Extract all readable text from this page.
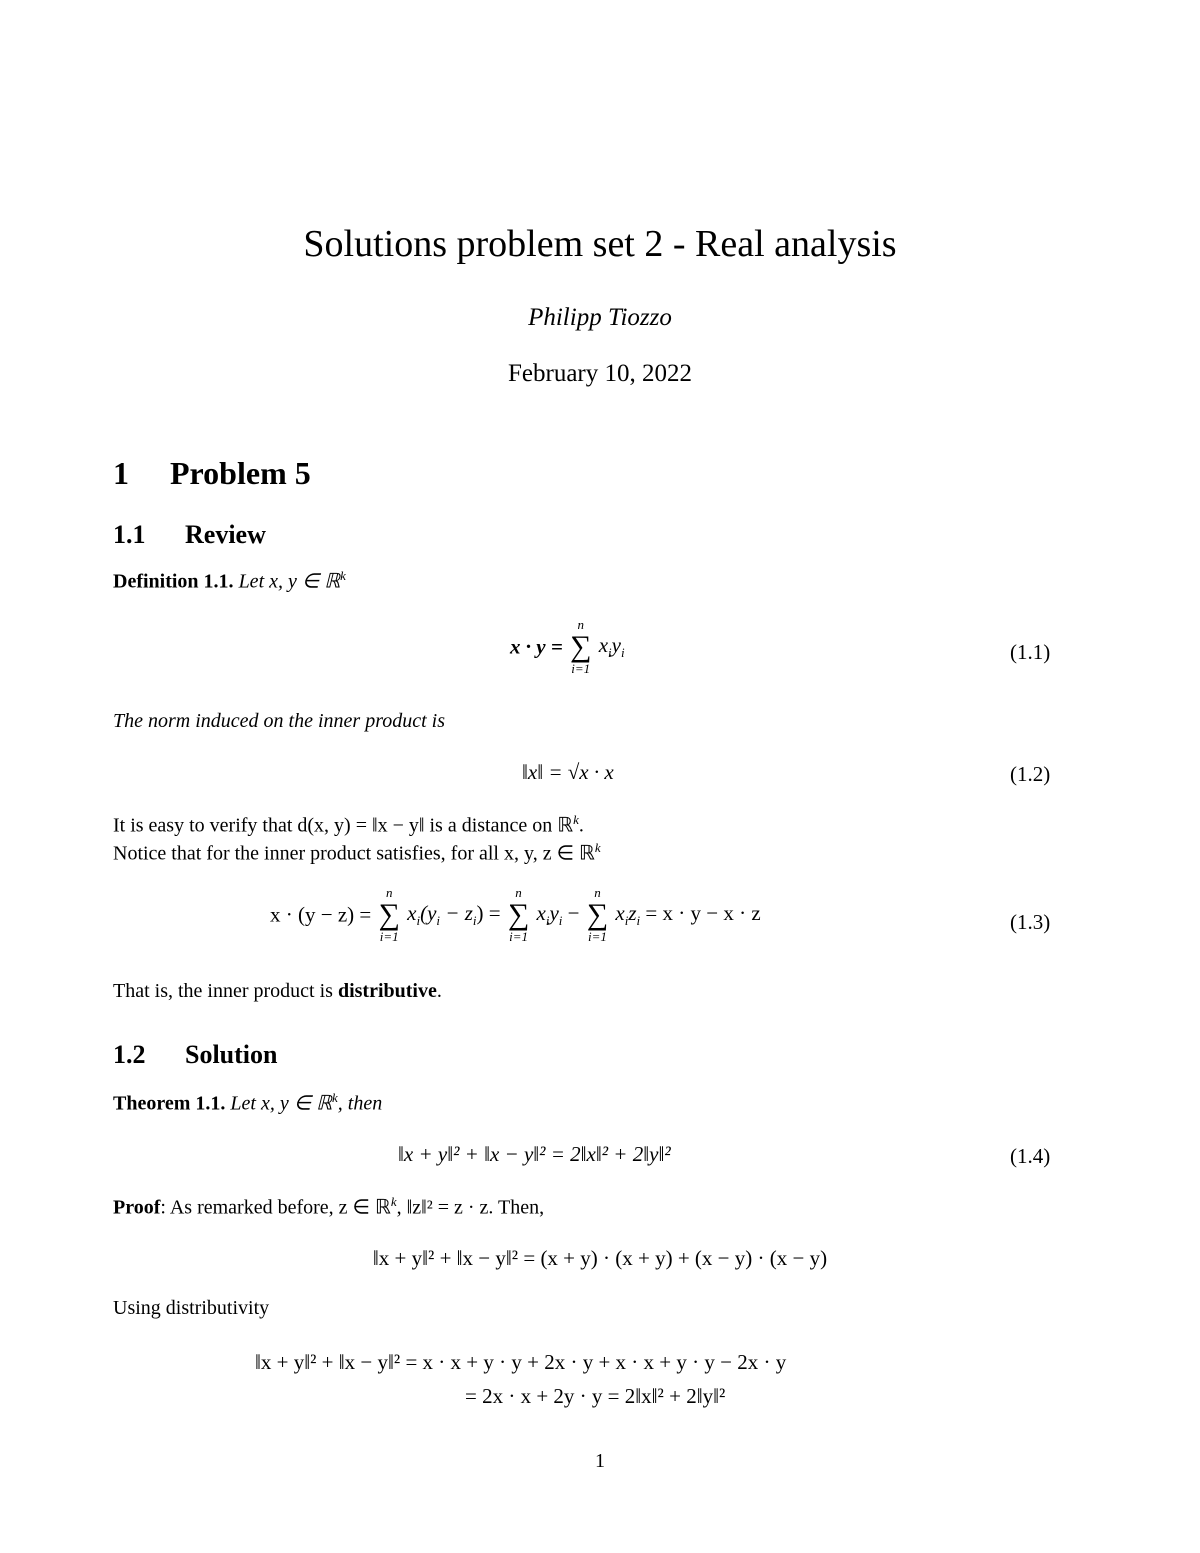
Solutions problem set 2 - Real analysis
Philipp Tiozzo
February 10, 2022
1 Problem 5
1.1 Review
Definition 1.1. Let x, y ∈ ℝ$^k$
x · y =
n
∑
i=1
$x_iy_i$	(1.1)
The norm induced on the inner product is
‖x‖ = √x · x	(1.2)
It is easy to verify that d(x, y) = ‖x − y‖ is a distance on ℝ$^k$.
Notice that for the inner product satisfies, for all x, y, z ∈ ℝ$^k$
x · (y − z) =
n
∑
i=1
$x_i(y_i - z_i)$ =
n
∑
i=1
$x_iy_i$ −
n
∑
i=1
$x_iz_i = x \cdot y - x \cdot z$	(1.3)
That is, the inner product is distributive.
1.2 Solution
Theorem 1.1. Let x, y ∈ ℝ$^k$, then
‖x + y‖² + ‖x − y‖² = 2‖x‖² + 2‖y‖²	(1.4)
Proof: As remarked before, z ∈ ℝ$^k$, ‖z‖² = z · z. Then,
‖x + y‖² + ‖x − y‖² = (x + y) · (x + y) + (x − y) · (x − y)
Using distributivity
‖x + y‖² + ‖x − y‖² = x · x + y · y + 2x · y + x · x + y · y − 2x · y
= 2x · x + 2y · y = 2‖x‖² + 2‖y‖²
1
